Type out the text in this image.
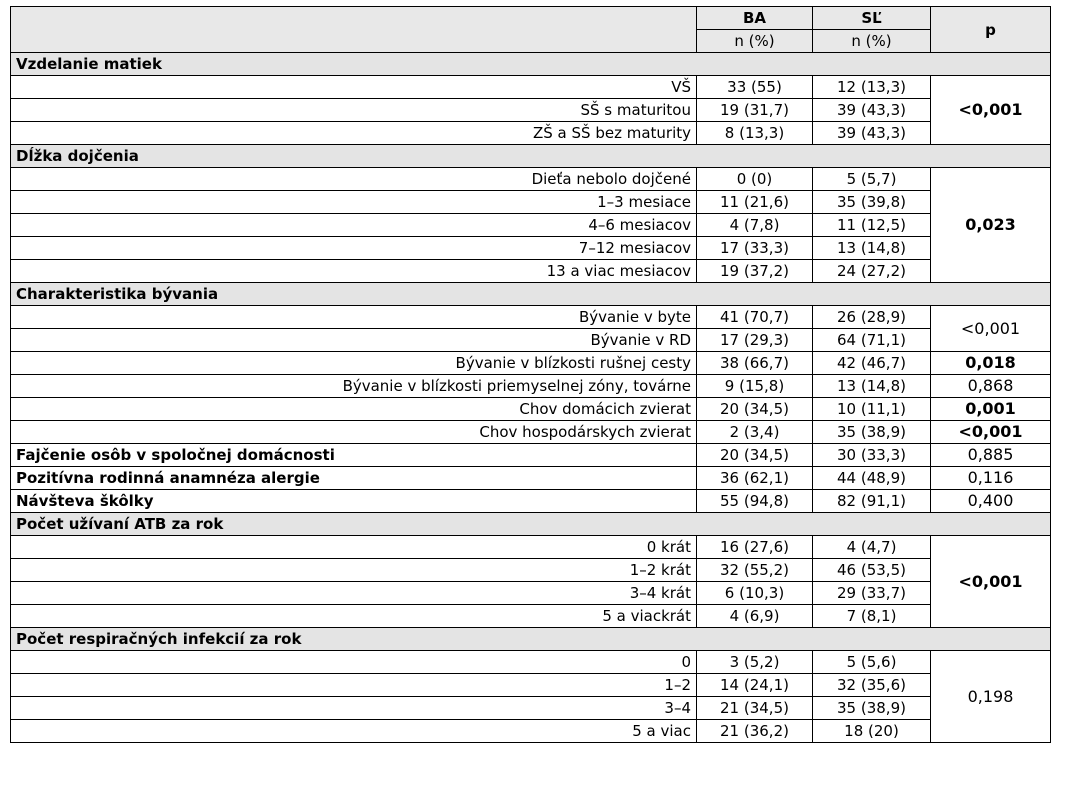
	BA	SĽ	p
	n (%)	n (%)	
Vzdelanie matiek			
VŠ	33 (55)	12 (13,3)	<0,001
SŠ s maturitou	19 (31,7)	39 (43,3)	
ZŠ a SŠ bez maturity	8 (13,3)	39 (43,3)	
Dĺžka dojčenia			
Dieťa nebolo dojčené	0 (0)	5 (5,7)	0,023
1–3 mesiace	11 (21,6)	35 (39,8)	
4–6 mesiacov	4 (7,8)	11 (12,5)	
7–12 mesiacov	17 (33,3)	13 (14,8)	
13 a viac mesiacov	19 (37,2)	24 (27,2)	
Charakteristika bývania			
Bývanie v byte	41 (70,7)	26 (28,9)	<0,001
Bývanie v RD	17 (29,3)	64 (71,1)	
Bývanie v blízkosti rušnej cesty	38 (66,7)	42 (46,7)	0,018
Bývanie v blízkosti priemyselnej zóny, továrne	9 (15,8)	13 (14,8)	0,868
Chov domácich zvierat	20 (34,5)	10 (11,1)	0,001
Chov hospodárskych zvierat	2 (3,4)	35 (38,9)	<0,001
Fajčenie osôb v spoločnej domácnosti	20 (34,5)	30 (33,3)	0,885
Pozitívna rodinná anamnéza alergie	36 (62,1)	44 (48,9)	0,116
Návšteva škôlky	55 (94,8)	82 (91,1)	0,400
Počet užívaní ATB za rok			
0 krát	16 (27,6)	4 (4,7)	<0,001
1–2 krát	32 (55,2)	46 (53,5)	
3–4 krát	6 (10,3)	29 (33,7)	
5 a viackrát	4 (6,9)	7 (8,1)	
Počet respiračných infekcií za rok			
0	3 (5,2)	5 (5,6)	0,198
1–2	14 (24,1)	32 (35,6)	
3–4	21 (34,5)	35 (38,9)	
5 a viac	21 (36,2)	18 (20)	
